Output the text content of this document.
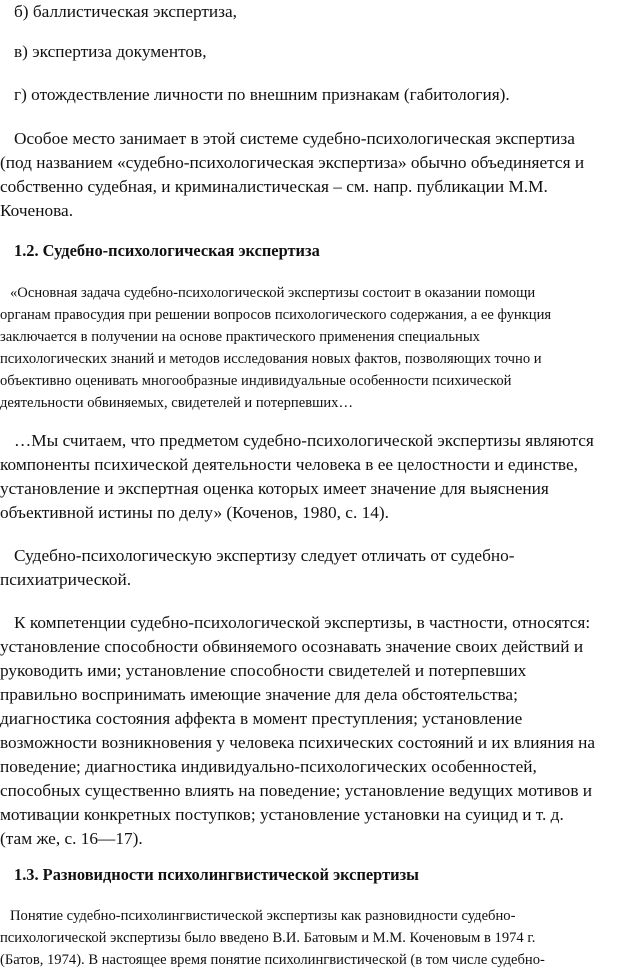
б) баллистическая экспертиза,
в) экспертиза документов,
г) отождествление личности по внешним признакам (габитология).
Особое место занимает в этой системе судебно-психологическая экспертиза
(под названием «судебно-психологическая экспертиза» обычно объединяется и
собственно судебная, и криминалистическая – см. напр. публикации М.М.
Коченова.
1.2. Судебно-психологическая экспертиза
«Основная задача судебно-психологической экспертизы состоит в оказании помощи
органам правосудия при решении вопросов психологического содержания, а ее функция
заключается в получении на основе практического применения специальных
психологических знаний и методов исследования новых фактов, позволяющих точно и
объективно оценивать многообразные индивидуальные особенности психической
деятельности обвиняемых, свидетелей и потерпевших…
…Мы считаем, что предметом судебно-психологической экспертизы являются
компоненты психической деятельности человека в ее целостности и единстве,
установление и экспертная оценка которых имеет значение для выяснения
объективной истины по делу» (Коченов, 1980, с. 14).
Судебно-психологическую экспертизу следует отличать от судебно-
психиатрической.
К компетенции судебно-психологической экспертизы, в частности, относятся:
установление способности обвиняемого осознавать значение своих действий и
руководить ими; установление способности свидетелей и потерпевших
правильно воспринимать имеющие значение для дела обстоятельства;
диагностика состояния аффекта в момент преступления; установление
возможности возникновения у человека психических состояний и их влияния на
поведение; диагностика индивидуально-психологических особенностей,
способных существенно влиять на поведение; установление ведущих мотивов и
мотивации конкретных поступков; установление установки на суицид и т. д.
(там же, с. 16—17).
1.3. Разновидности психолингвистической экспертизы
Понятие судебно-психолингвистической экспертизы как разновидности судебно-
психологической экспертизы было введено В.И. Батовым и М.М. Коченовым в 1974 г.
(Батов, 1974). В настоящее время понятие психолингвистической (в том числе судебно-
